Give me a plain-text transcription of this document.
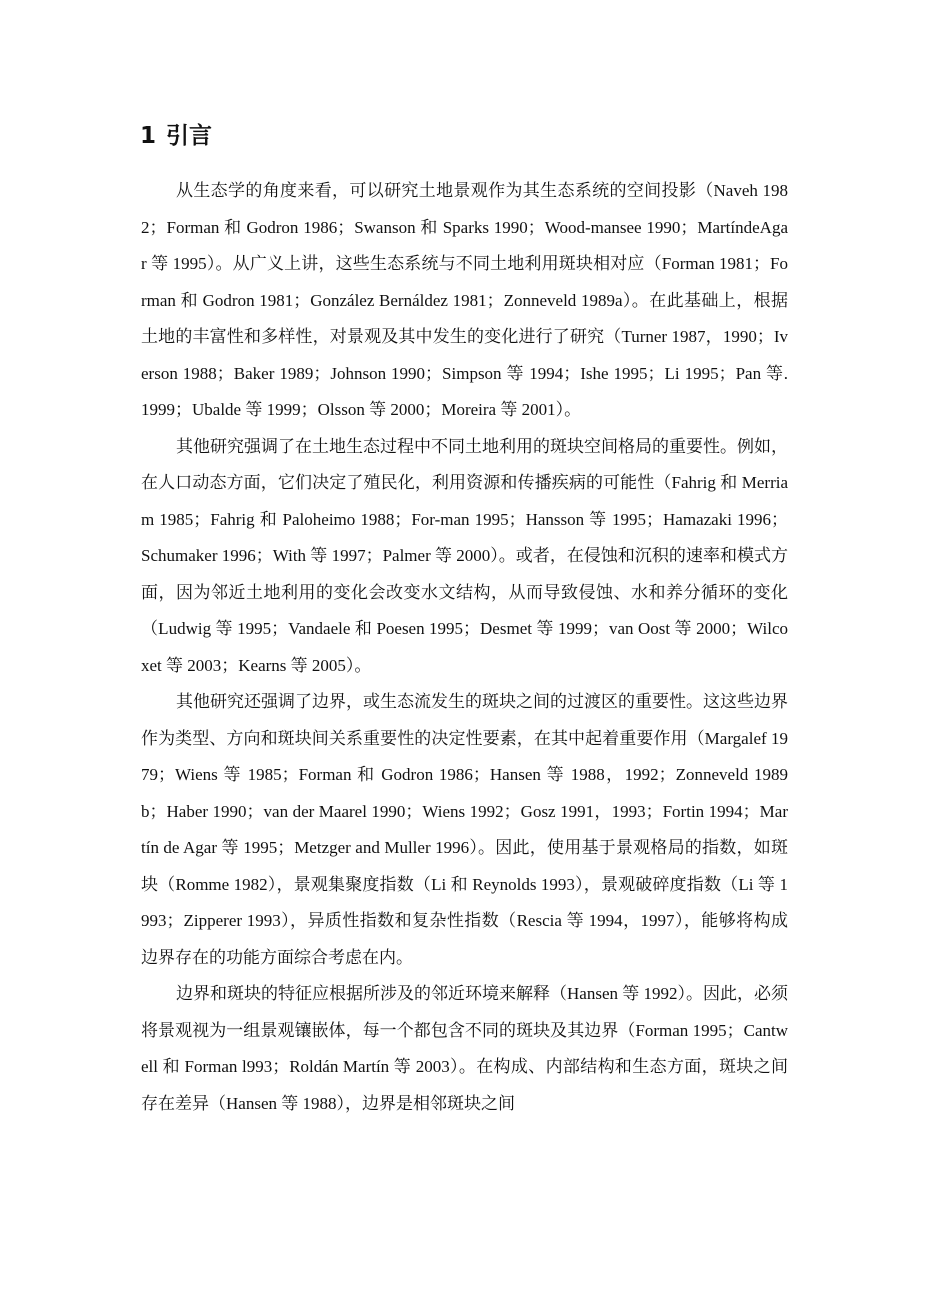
1 引言

从生态学的角度来看，可以研究土地景观作为其生态系统的空间投影（Naveh 1982；Forman 和 Godron 1986；Swanson 和 Sparks 1990；Wood-mansee 1990；MartíndeAgar 等 1995）。从广义上讲，这些生态系统与不同土地利用斑块相对应（Forman 1981；Forman 和 Godron 1981；González Bernáldez 1981；Zonneveld 1989a）。在此基础上，根据土地的丰富性和多样性，对景观及其中发生的变化进行了研究（Turner 1987，1990；Iverson 1988；Baker 1989；Johnson 1990；Simpson 等 1994；Ishe 1995；Li 1995；Pan 等.1999；Ubalde 等 1999；Olsson 等 2000；Moreira 等 2001）。

其他研究强调了在土地生态过程中不同土地利用的斑块空间格局的重要性。例如，在人口动态方面，它们决定了殖民化，利用资源和传播疾病的可能性（Fahrig 和 Merriam 1985；Fahrig 和 Paloheimo 1988；For-man 1995；Hansson 等 1995；Hamazaki 1996；Schumaker 1996；With 等 1997；Palmer 等 2000）。或者，在侵蚀和沉积的速率和模式方面，因为邻近土地利用的变化会改变水文结构，从而导致侵蚀、水和养分循环的变化（Ludwig 等 1995；Vandaele 和 Poesen 1995；Desmet 等 1999；van Oost 等 2000；Wilcoxet 等 2003；Kearns 等 2005）。

其他研究还强调了边界，或生态流发生的斑块之间的过渡区的重要性。这这些边界作为类型、方向和斑块间关系重要性的决定性要素，在其中起着重要作用（Margalef 1979；Wiens 等 1985；Forman 和 Godron 1986；Hansen 等 1988，1992；Zonneveld 1989b；Haber 1990；van der Maarel 1990；Wiens 1992；Gosz 1991，1993；Fortin 1994；Martín de Agar 等 1995；Metzger and Muller 1996）。因此，使用基于景观格局的指数，如斑块（Romme 1982），景观集聚度指数（Li 和 Reynolds 1993），景观破碎度指数（Li 等 1993；Zipperer 1993），异质性指数和复杂性指数（Rescia 等 1994，1997），能够将构成边界存在的功能方面综合考虑在内。

边界和斑块的特征应根据所涉及的邻近环境来解释（Hansen 等 1992）。因此，必须将景观视为一组景观镶嵌体，每一个都包含不同的斑块及其边界（Forman 1995；Cantwell 和 Forman l993；Roldán Martín 等 2003）。在构成、内部结构和生态方面，斑块之间存在差异（Hansen 等 1988），边界是相邻斑块之间
